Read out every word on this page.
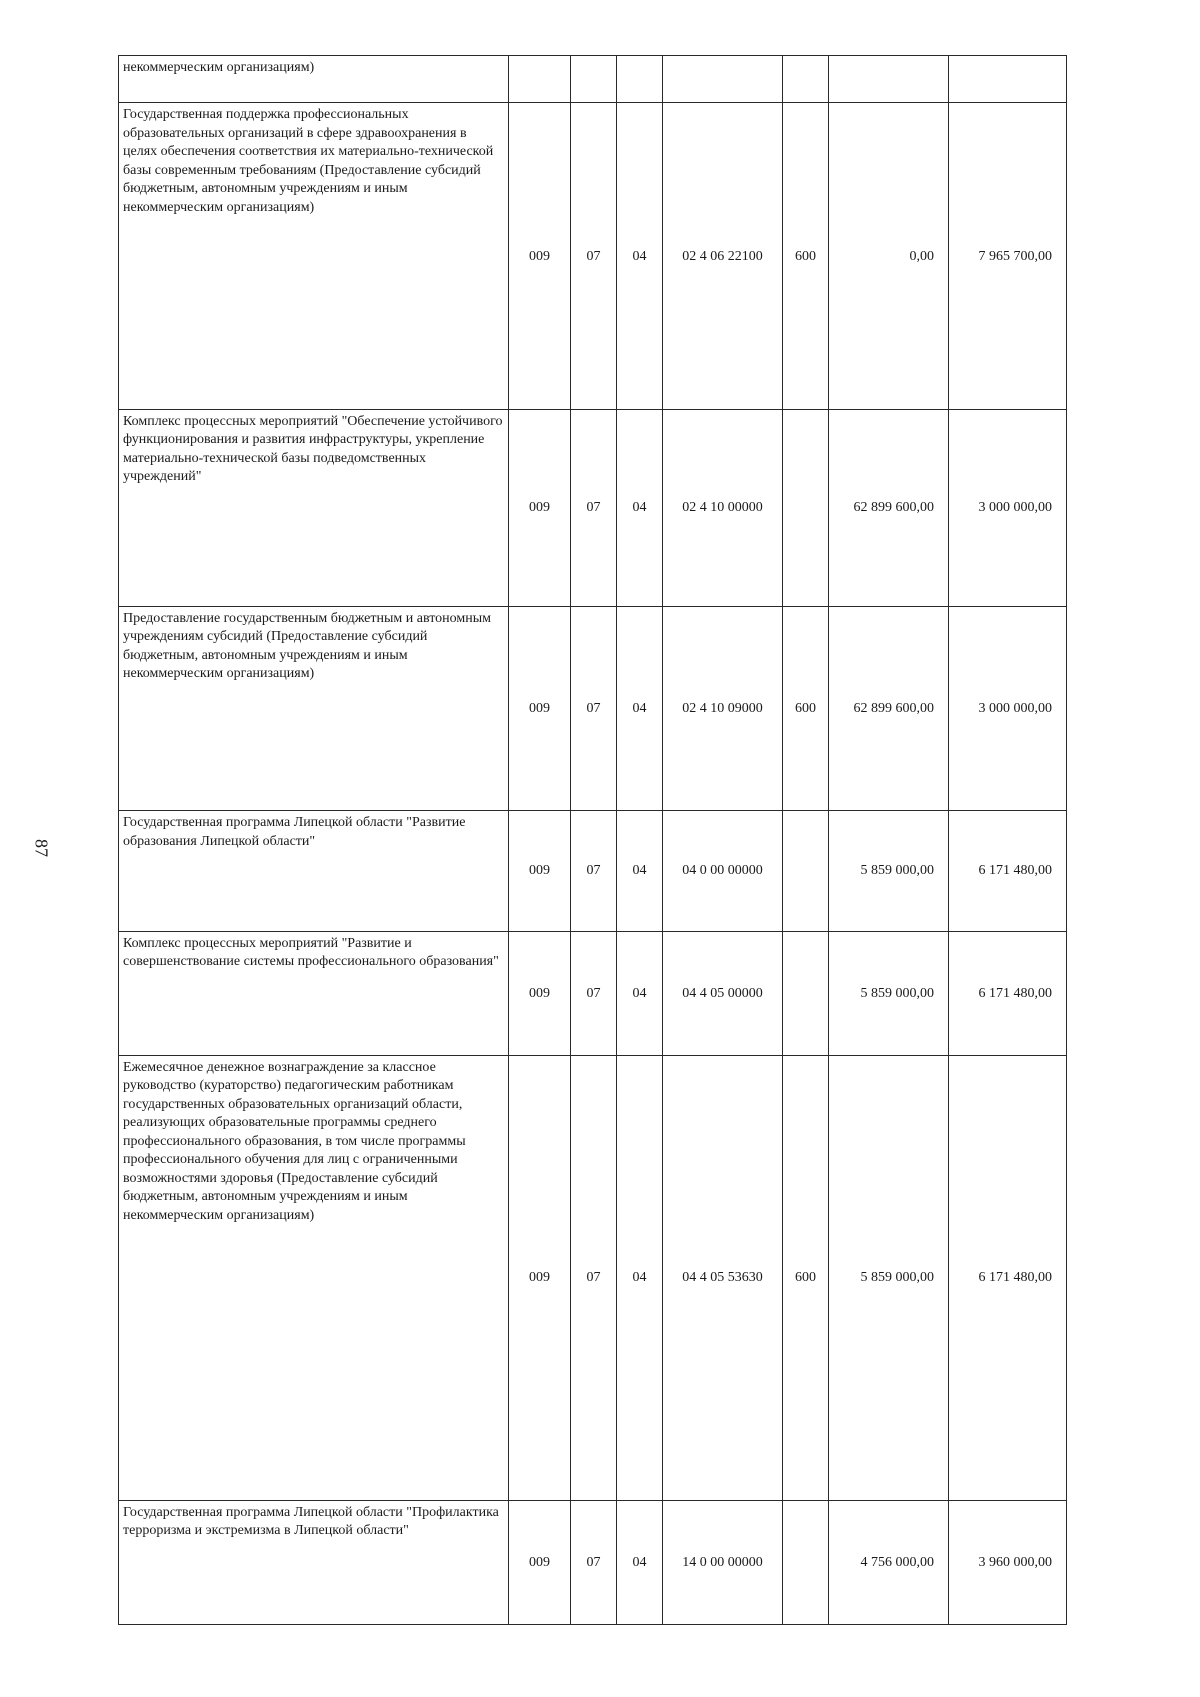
87
некоммерческим организациям)								
Государственная поддержка профессиональных образовательных организаций в сфере здравоохранения в целях обеспечения соответствия их материально-технической базы современным требованиям (Предоставление субсидий бюджетным, автономным учреждениям и иным некоммерческим организациям)	009	07	04	02 4 06 22100	600	0,00	7 965 700,00	
Комплекс процессных мероприятий "Обеспечение устойчивого функционирования и развития инфраструктуры, укрепление материально-технической базы подведомственных учреждений"	009	07	04	02 4 10 00000		62 899 600,00	3 000 000,00	
Предоставление государственным бюджетным и автономным учреждениям субсидий (Предоставление субсидий бюджетным, автономным учреждениям и иным некоммерческим организациям)	009	07	04	02 4 10 09000	600	62 899 600,00	3 000 000,00	
Государственная программа Липецкой области "Развитие образования Липецкой области"	009	07	04	04 0 00 00000		5 859 000,00	6 171 480,00	
Комплекс процессных мероприятий "Развитие и совершенствование системы профессионального образования"	009	07	04	04 4 05 00000		5 859 000,00	6 171 480,00	
Ежемесячное денежное вознаграждение за классное руководство (кураторство) педагогическим работникам государственных образовательных организаций области, реализующих образовательные программы среднего профессионального образования, в том числе программы профессионального обучения для лиц с ограниченными возможностями здоровья (Предоставление субсидий бюджетным, автономным учреждениям и иным некоммерческим организациям)	009	07	04	04 4 05 53630	600	5 859 000,00	6 171 480,00	
Государственная программа Липецкой области "Профилактика терроризма и экстремизма в Липецкой области"	009	07	04	14 0 00 00000		4 756 000,00	3 960 000,00	
